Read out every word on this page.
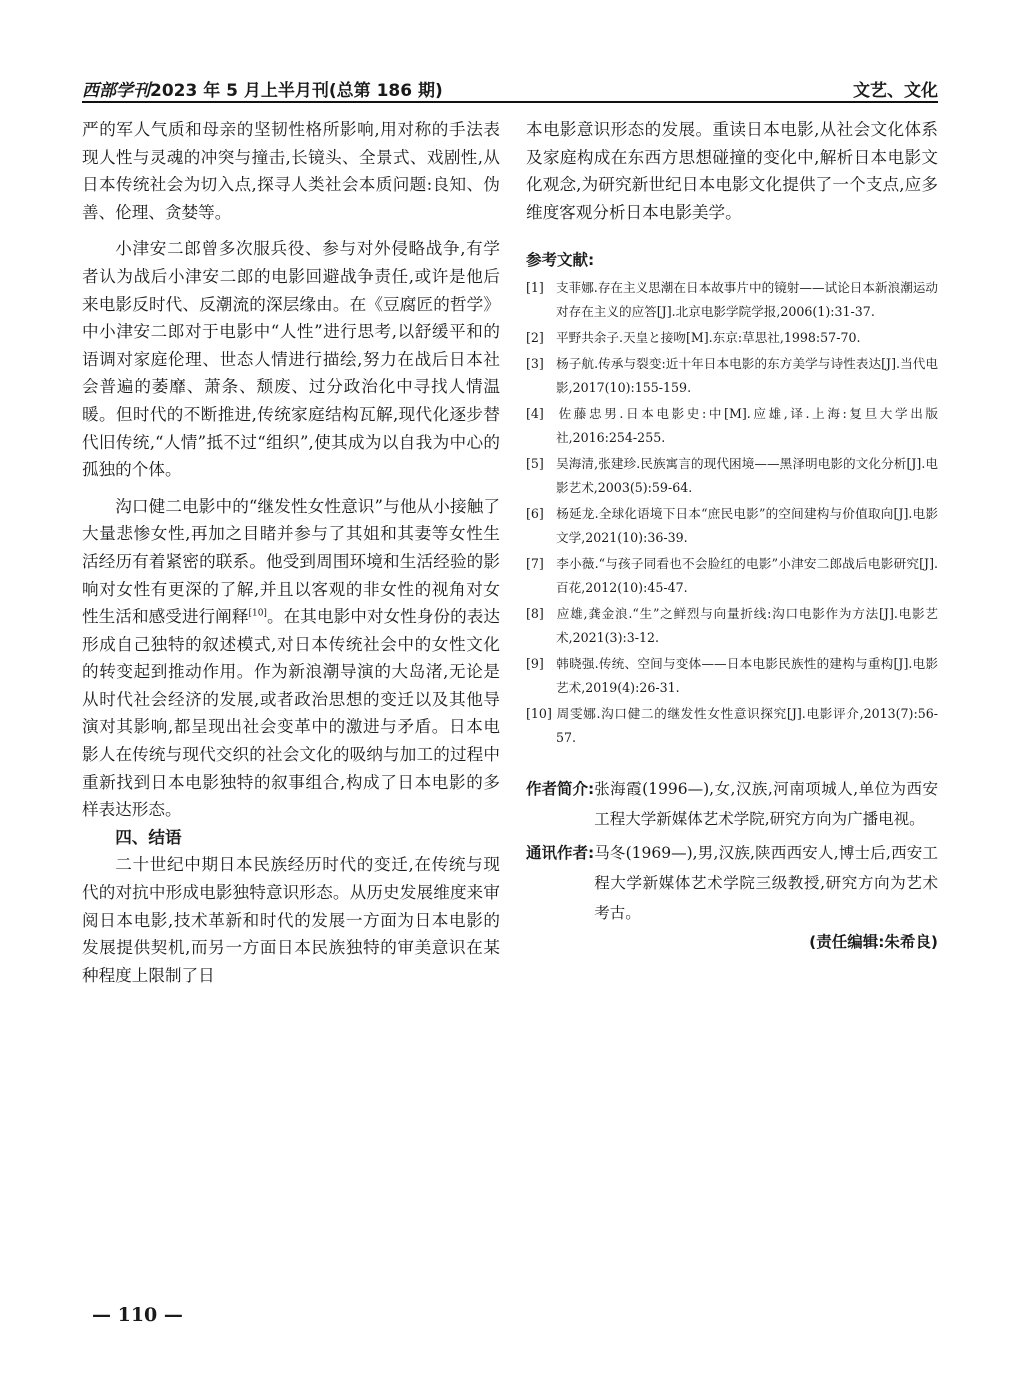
西部学刊2023 年 5 月上半月刊(总第 186 期)	文艺、文化

严的军人气质和母亲的坚韧性格所影响,用对称的手法表现人性与灵魂的冲突与撞击,长镜头、全景式、戏剧性,从日本传统社会为切入点,探寻人类社会本质问题:良知、伪善、伦理、贪婪等。

小津安二郎曾多次服兵役、参与对外侵略战争,有学者认为战后小津安二郎的电影回避战争责任,或许是他后来电影反时代、反潮流的深层缘由。在《豆腐匠的哲学》中小津安二郎对于电影中“人性”进行思考,以舒缓平和的语调对家庭伦理、世态人情进行描绘,努力在战后日本社会普遍的萎靡、萧条、颓废、过分政治化中寻找人情温暖。但时代的不断推进,传统家庭结构瓦解,现代化逐步替代旧传统,“人情”抵不过“组织”,使其成为以自我为中心的孤独的个体。

沟口健二电影中的“继发性女性意识”与他从小接触了大量悲惨女性,再加之目睹并参与了其姐和其妻等女性生活经历有着紧密的联系。他受到周围环境和生活经验的影响对女性有更深的了解,并且以客观的非女性的视角对女性生活和感受进行阐释[10]。在其电影中对女性身份的表达形成自己独特的叙述模式,对日本传统社会中的女性文化的转变起到推动作用。作为新浪潮导演的大岛渚,无论是从时代社会经济的发展,或者政治思想的变迁以及其他导演对其影响,都呈现出社会变革中的激进与矛盾。日本电影人在传统与现代交织的社会文化的吸纳与加工的过程中重新找到日本电影独特的叙事组合,构成了日本电影的多样表达形态。

四、结语

二十世纪中期日本民族经历时代的变迁,在传统与现代的对抗中形成电影独特意识形态。从历史发展维度来审阅日本电影,技术革新和时代的发展一方面为日本电影的发展提供契机,而另一方面日本民族独特的审美意识在某种程度上限制了日

本电影意识形态的发展。重读日本电影,从社会文化体系及家庭构成在东西方思想碰撞的变化中,解析日本电影文化观念,为研究新世纪日本电影文化提供了一个支点,应多维度客观分析日本电影美学。

参考文献:
[1] 支菲娜.存在主义思潮在日本故事片中的镜射——试论日本新浪潮运动对存在主义的应答[J].北京电影学院学报,2006(1):31-37.
[2] 平野共余子.天皇と接吻[M].东京:草思社,1998:57-70.
[3] 杨子航.传承与裂变:近十年日本电影的东方美学与诗性表达[J].当代电影,2017(10):155-159.
[4] 佐藤忠男.日本电影史:中[M].应雄,译.上海:复旦大学出版社,2016:254-255.
[5] 吴海清,张建珍.民族寓言的现代困境——黑泽明电影的文化分析[J].电影艺术,2003(5):59-64.
[6] 杨延龙.全球化语境下日本“庶民电影”的空间建构与价值取向[J].电影文学,2021(10):36-39.
[7] 李小薇.“与孩子同看也不会脸红的电影”小津安二郎战后电影研究[J].百花,2012(10):45-47.
[8] 应雄,龚金浪.“生”之鲜烈与向量折线:沟口电影作为方法[J].电影艺术,2021(3):3-12.
[9] 韩晓强.传统、空间与变体——日本电影民族性的建构与重构[J].电影艺术,2019(4):26-31.
[10] 周雯娜.沟口健二的继发性女性意识探究[J].电影评介,2013(7):56-57.
作者简介: 张海霞(1996—),女,汉族,河南项城人,单位为西安工程大学新媒体艺术学院,研究方向为广播电视。
通讯作者: 马冬(1969—),男,汉族,陕西西安人,博士后,西安工程大学新媒体艺术学院三级教授,研究方向为艺术考古。
(责任编辑:朱希良)
— 110 —
